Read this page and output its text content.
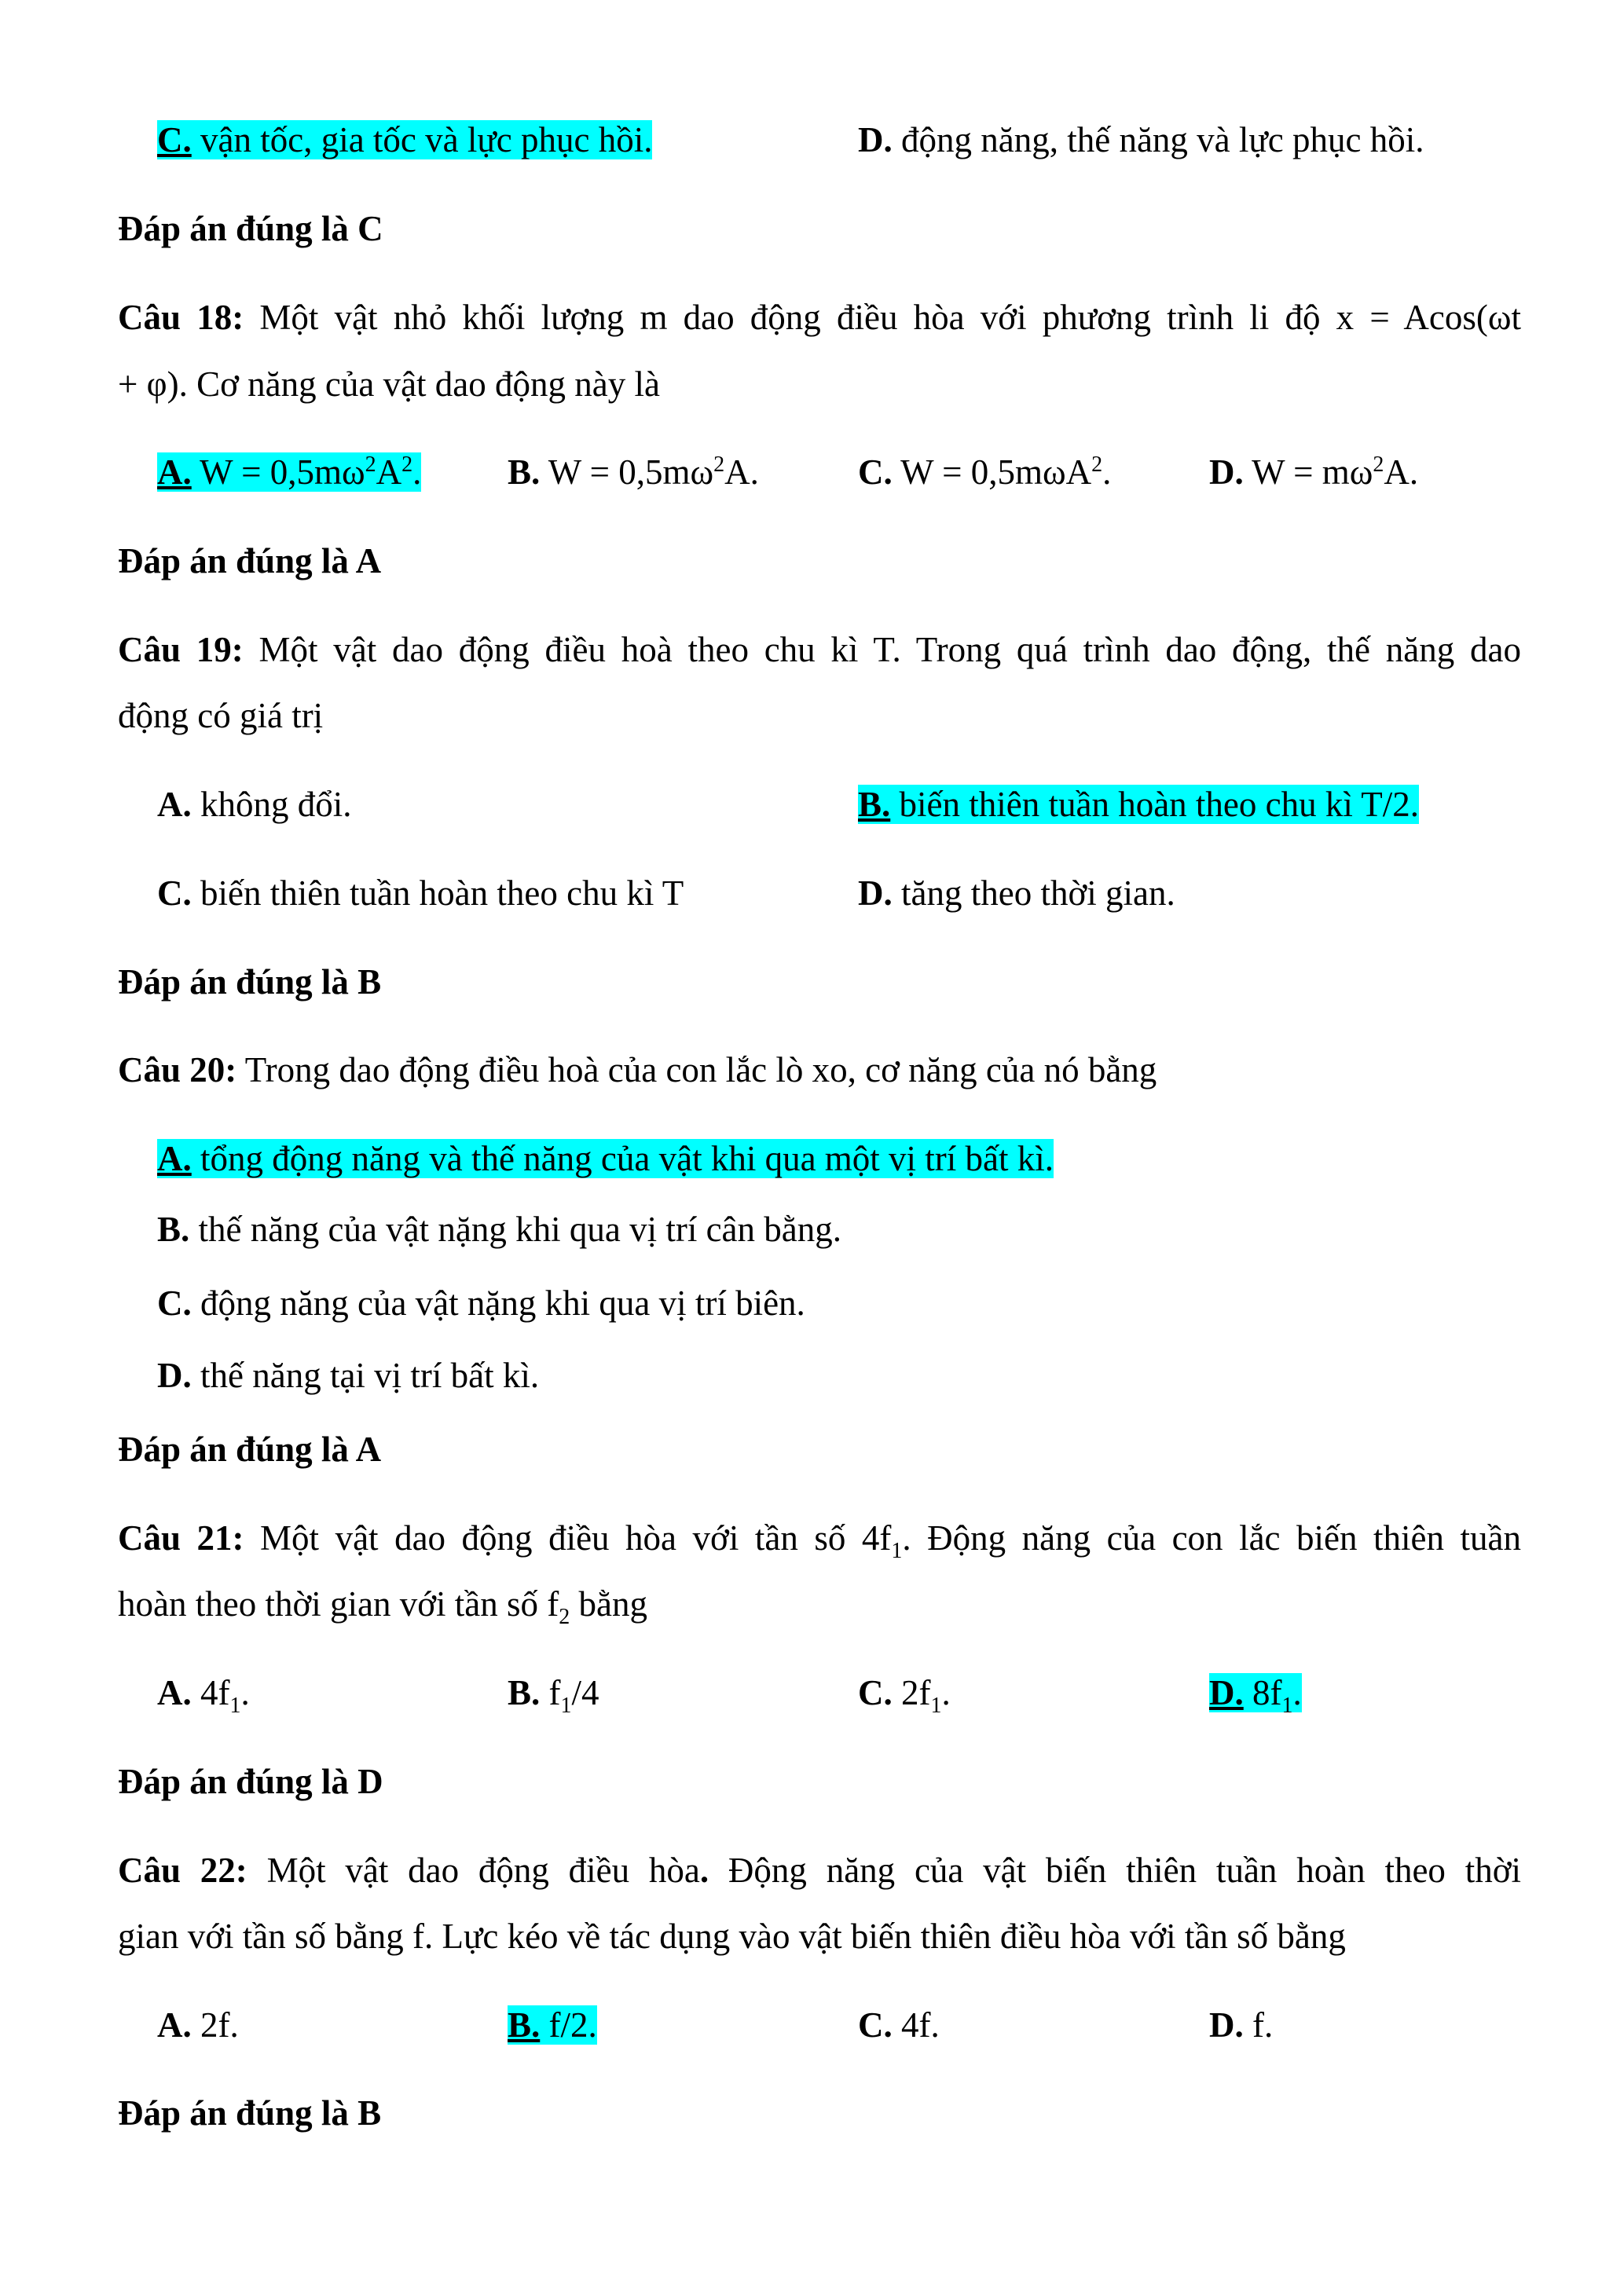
C. vận tốc, gia tốc và lực phục hồi.	D. động năng, thế năng và lực phục hồi.
Đáp án đúng là C
Câu 18: Một vật nhỏ khối lượng m dao động điều hòa với phương trình li độ x = Acos(ωt
+ φ). Cơ năng của vật dao động này là
A. $W = 0,5m\omega^2A^2$. B. $W = 0,5m\omega^2A$.	C. W = 0,5mωA$^2$.	D. $W = m\omega^2A$.
Đáp án đúng là A
Câu 19: Một vật dao động điều hoà theo chu kì T. Trong quá trình dao động, thế năng dao
động có giá trị
A. không đổi.	B. biến thiên tuần hoàn theo chu kì T/2.
C. biến thiên tuần hoàn theo chu kì T	D. tăng theo thời gian.
Đáp án đúng là B
Câu 20: Trong dao động điều hoà của con lắc lò xo, cơ năng của nó bằng
A. tổng động năng và thế năng của vật khi qua một vị trí bất kì.
B. thế năng của vật nặng khi qua vị trí cân bằng.
C. động năng của vật nặng khi qua vị trí biên.
D. thế năng tại vị trí bất kì.
Đáp án đúng là A
Câu 21: Một vật dao động điều hòa với tần số $4f_1$. Động năng của con lắc biến thiên tuần
hoàn theo thời gian với tần số $f_2$ bằng
A. $4f_1$.	B. $f_1/4$	C. $2f_1$.	D. $8f_1$.
Đáp án đúng là D
Câu 22: Một vật dao động điều hòa. Động năng của vật biến thiên tuần hoàn theo thời
gian với tần số bằng f. Lực kéo về tác dụng vào vật biến thiên điều hòa với tần số bằng
A. 2f.	B. f/2.	C. 4f.	D. f.
Đáp án đúng là B
